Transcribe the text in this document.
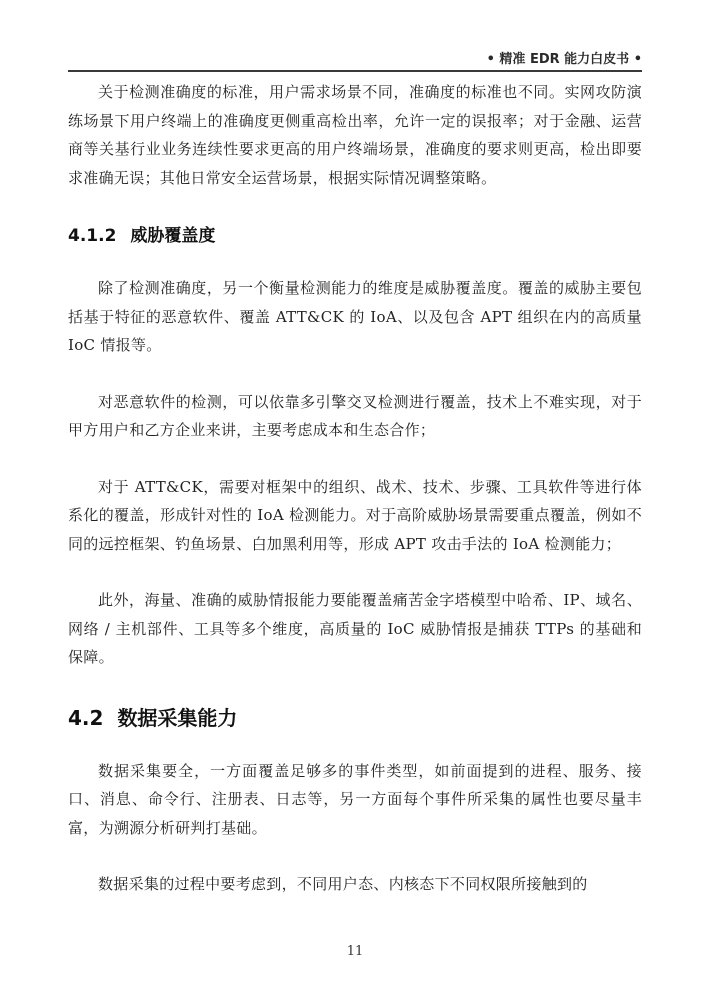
• 精准 EDR 能力白皮书 •

关于检测准确度的标准，用户需求场景不同，准确度的标准也不同。实网攻防演练场景下用户终端上的准确度更侧重高检出率，允许一定的误报率；对于金融、运营商等关基行业业务连续性要求更高的用户终端场景，准确度的要求则更高，检出即要求准确无误；其他日常安全运营场景，根据实际情况调整策略。

4.1.2 威胁覆盖度

除了检测准确度，另一个衡量检测能力的维度是威胁覆盖度。覆盖的威胁主要包括基于特征的恶意软件、覆盖 ATT&CK 的 IoA、以及包含 APT 组织在内的高质量 IoC 情报等。

对恶意软件的检测，可以依靠多引擎交叉检测进行覆盖，技术上不难实现，对于甲方用户和乙方企业来讲，主要考虑成本和生态合作；

对于 ATT&CK，需要对框架中的组织、战术、技术、步骤、工具软件等进行体系化的覆盖，形成针对性的 IoA 检测能力。对于高阶威胁场景需要重点覆盖，例如不同的远控框架、钓鱼场景、白加黑利用等，形成 APT 攻击手法的 IoA 检测能力；

此外，海量、准确的威胁情报能力要能覆盖痛苦金字塔模型中哈希、IP、域名、网络 / 主机部件、工具等多个维度，高质量的 IoC 威胁情报是捕获 TTPs 的基础和保障。

4.2 数据采集能力

数据采集要全，一方面覆盖足够多的事件类型，如前面提到的进程、服务、接口、消息、命令行、注册表、日志等，另一方面每个事件所采集的属性也要尽量丰富，为溯源分析研判打基础。

数据采集的过程中要考虑到，不同用户态、内核态下不同权限所接触到的

11
